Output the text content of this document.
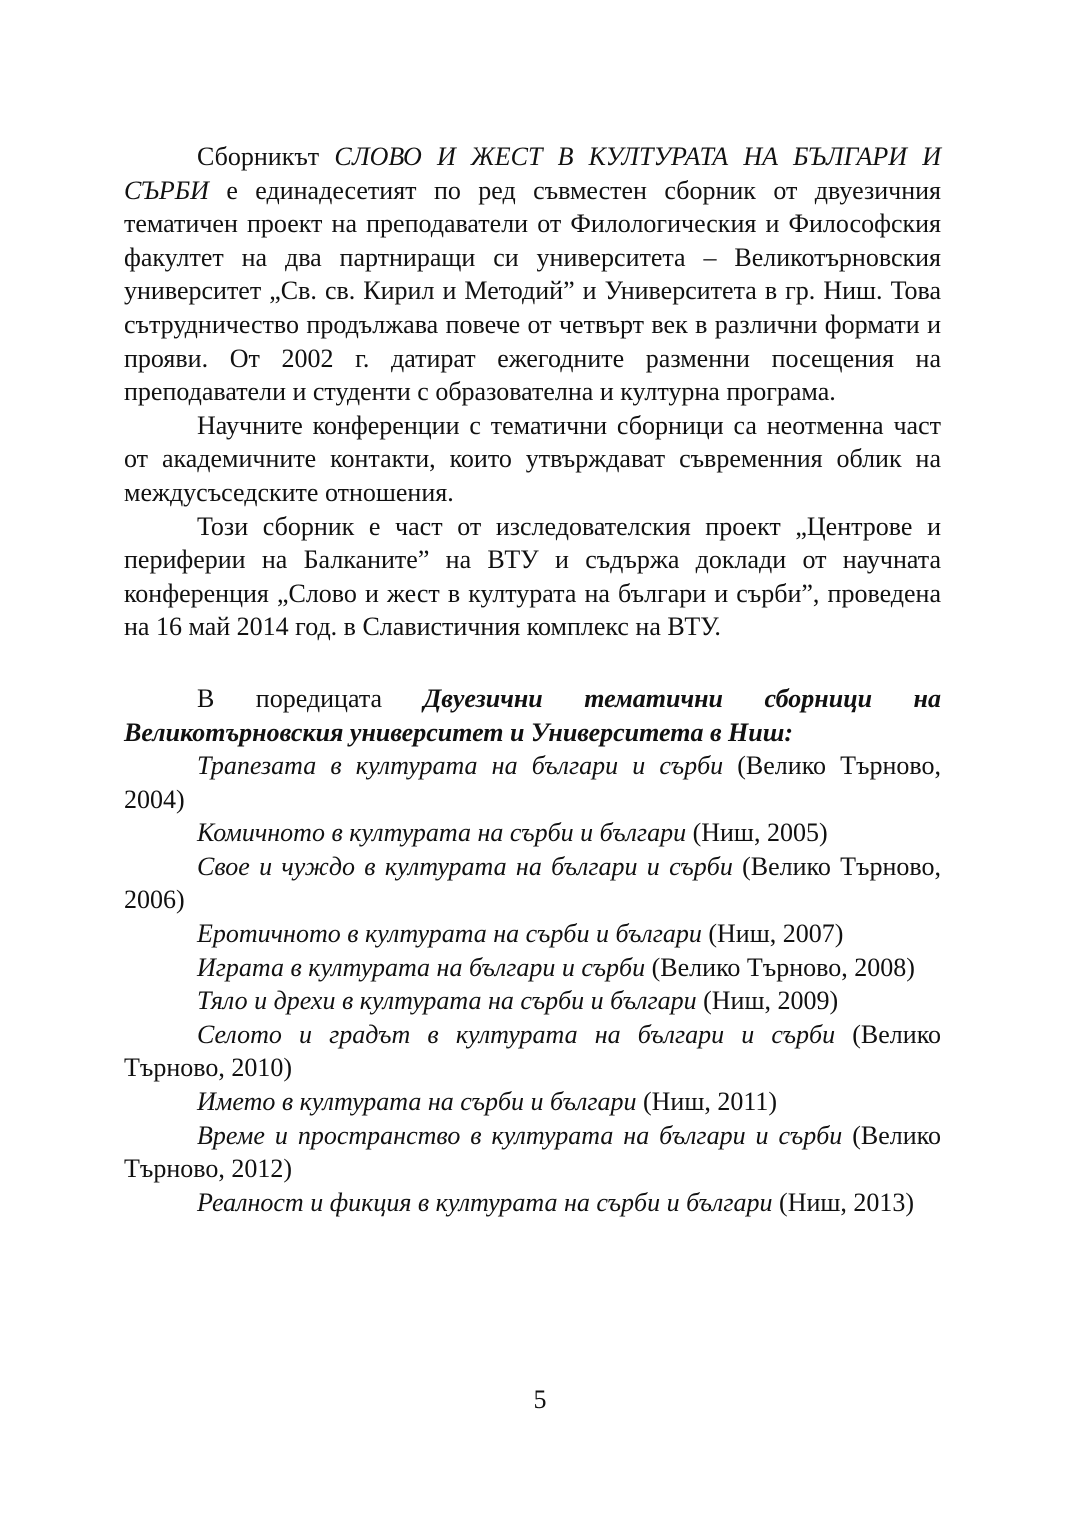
Сборникът СЛОВО И ЖЕСТ В КУЛТУРАТА НА БЪЛГАРИ И СЪРБИ е единадесетият по ред съвместен сборник от двуезичния тематичен проект на преподаватели от Филологическия и Философския факултет на два партниращи си университета – Великотърновския университет „Св. св. Кирил и Методий” и Университета в гр. Ниш. Това сътрудничество продължава повече от четвърт век в различни формати и прояви. От 2002 г. датират ежегодните разменни посещения на преподаватели и студенти с образователна и културна програма.

Научните конференции с тематични сборници са неотменна част от академичните контакти, които утвърждават съвременния облик на междусъседските отношения.

Този сборник е част от изследователския проект „Центрове и периферии на Балканите” на ВТУ и съдържа доклади от научната конференция „Слово и жест в културата на българи и сърби”, проведена на 16 май 2014 год. в Славистичния комплекс на ВТУ.

В поредицата Двуезични тематични сборници на Великотърновския университет и Университета в Ниш:

Трапезата в културата на българи и сърби (Велико Търново, 2004)

Комичното в културата на сърби и българи (Ниш, 2005)

Свое и чуждо в културата на българи и сърби (Велико Търново, 2006)

Еротичното в културата на сърби и българи (Ниш, 2007)

Играта в културата на българи и сърби (Велико Търново, 2008)

Тяло и дрехи в културата на сърби и българи (Ниш, 2009)

Селото и градът в културата на българи и сърби (Велико Търново, 2010)

Името в културата на сърби и българи (Ниш, 2011)

Време и пространство в културата на българи и сърби (Велико Търново, 2012)

Реалност и фикция в културата на сърби и българи (Ниш, 2013)

5
